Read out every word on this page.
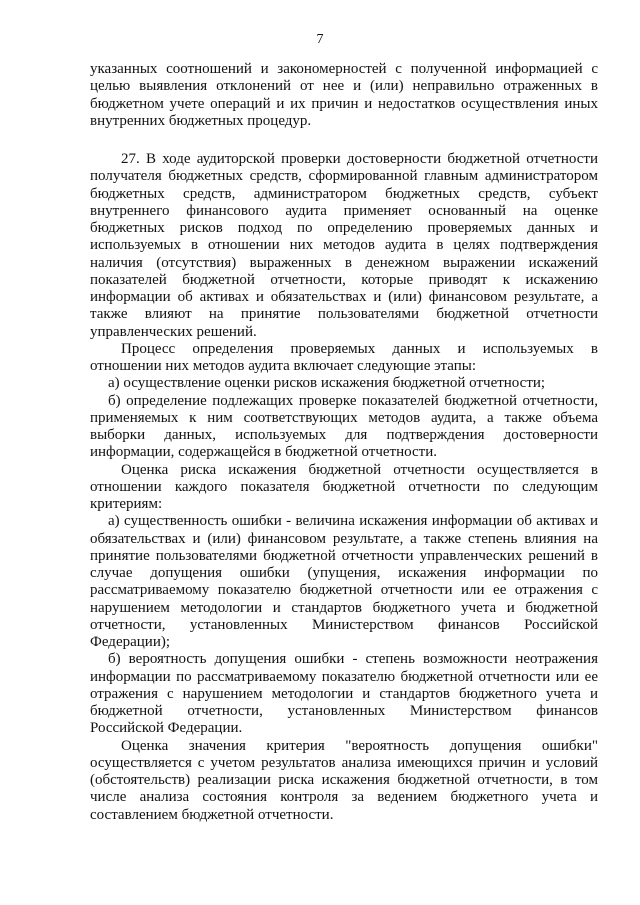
7
указанных соотношений и закономерностей с полученной информацией с
целью выявления отклонений от нее и (или) неправильно отраженных в
бюджетном учете операций и их причин и недостатков осуществления иных
внутренних бюджетных процедур.
27. В ходе аудиторской проверки достоверности бюджетной отчетности
получателя бюджетных средств, сформированной главным администратором
бюджетных средств, администратором бюджетных средств, субъект
внутреннего финансового аудита применяет основанный на оценке
бюджетных рисков подход по определению проверяемых данных и
используемых в отношении них методов аудита в целях подтверждения
наличия (отсутствия) выраженных в денежном выражении искажений
показателей бюджетной отчетности, которые приводят к искажению
информации об активах и обязательствах и (или) финансовом результате, а
также влияют на принятие пользователями бюджетной отчетности
управленческих решений.
Процесс определения проверяемых данных и используемых в
отношении них методов аудита включает следующие этапы:
а) осуществление оценки рисков искажения бюджетной отчетности;
б) определение подлежащих проверке показателей бюджетной отчетности,
применяемых к ним соответствующих методов аудита, а также объема
выборки данных, используемых для подтверждения достоверности
информации, содержащейся в бюджетной отчетности.
Оценка риска искажения бюджетной отчетности осуществляется в
отношении каждого показателя бюджетной отчетности по следующим
критериям:
а) существенность ошибки - величина искажения информации об активах и
обязательствах и (или) финансовом результате, а также степень влияния на
принятие пользователями бюджетной отчетности управленческих решений в
случае допущения ошибки (упущения, искажения информации по
рассматриваемому показателю бюджетной отчетности или ее отражения с
нарушением методологии и стандартов бюджетного учета и бюджетной
отчетности, установленных Министерством финансов Российской
Федерации);
б) вероятность допущения ошибки - степень возможности неотражения
информации по рассматриваемому показателю бюджетной отчетности или ее
отражения с нарушением методологии и стандартов бюджетного учета и
бюджетной отчетности, установленных Министерством финансов
Российской Федерации.
Оценка значения критерия "вероятность допущения ошибки"
осуществляется с учетом результатов анализа имеющихся причин и условий
(обстоятельств) реализации риска искажения бюджетной отчетности, в том
числе анализа состояния контроля за ведением бюджетного учета и
составлением бюджетной отчетности.
